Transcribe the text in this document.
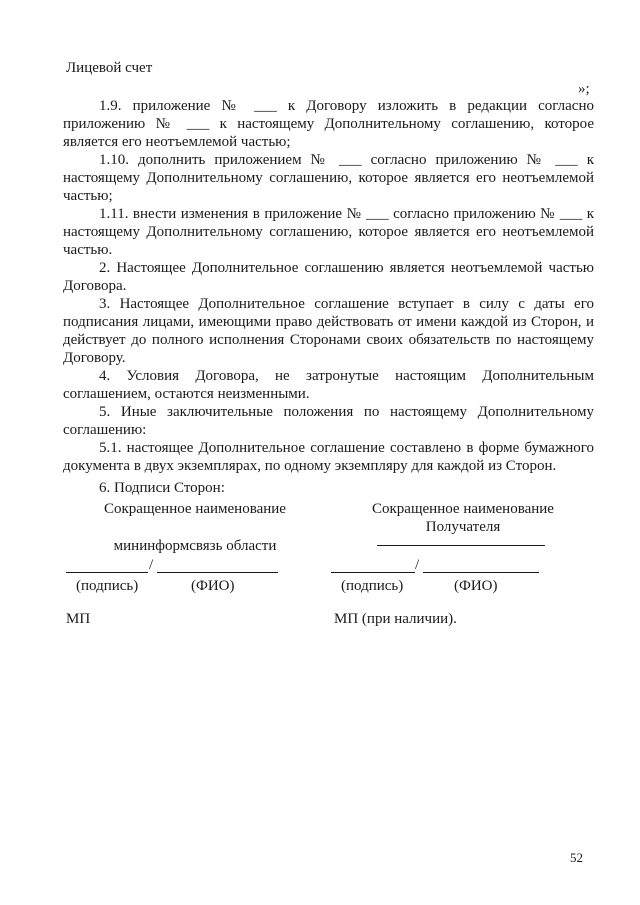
Лицевой счет
»;
1.9. приложение № ___ к Договору изложить в редакции согласно
приложению № ___ к настоящему Дополнительному соглашению, которое
является его неотъемлемой частью;
1.10. дополнить приложением № ___ согласно приложению № ___ к
настоящему Дополнительному соглашению, которое является его неотъемлемой
частью;
1.11. внести изменения в приложение № ___ согласно приложению № ___ к
настоящему Дополнительному соглашению, которое является его неотъемлемой
частью.
2. Настоящее Дополнительное соглашению является неотъемлемой частью
Договора.
3. Настоящее Дополнительное соглашение вступает в силу с даты его
подписания лицами, имеющими право действовать от имени каждой из Сторон, и
действует до полного исполнения Сторонами своих обязательств по настоящему
Договору.
4. Условия Договора, не затронутые настоящим Дополнительным
соглашением, остаются неизменными.
5. Иные заключительные положения по настоящему Дополнительному
соглашению:
5.1. настоящее Дополнительное соглашение составлено в форме бумажного
документа в двух экземплярах, по одному экземпляру для каждой из Сторон.
6. Подписи Сторон:
Сокращенное наименование
мининформсвязь области
/
(подпись)	(ФИО)
МП
Сокращенное наименование
Получателя
/
(подпись)	(ФИО)
МП (при наличии).
52
